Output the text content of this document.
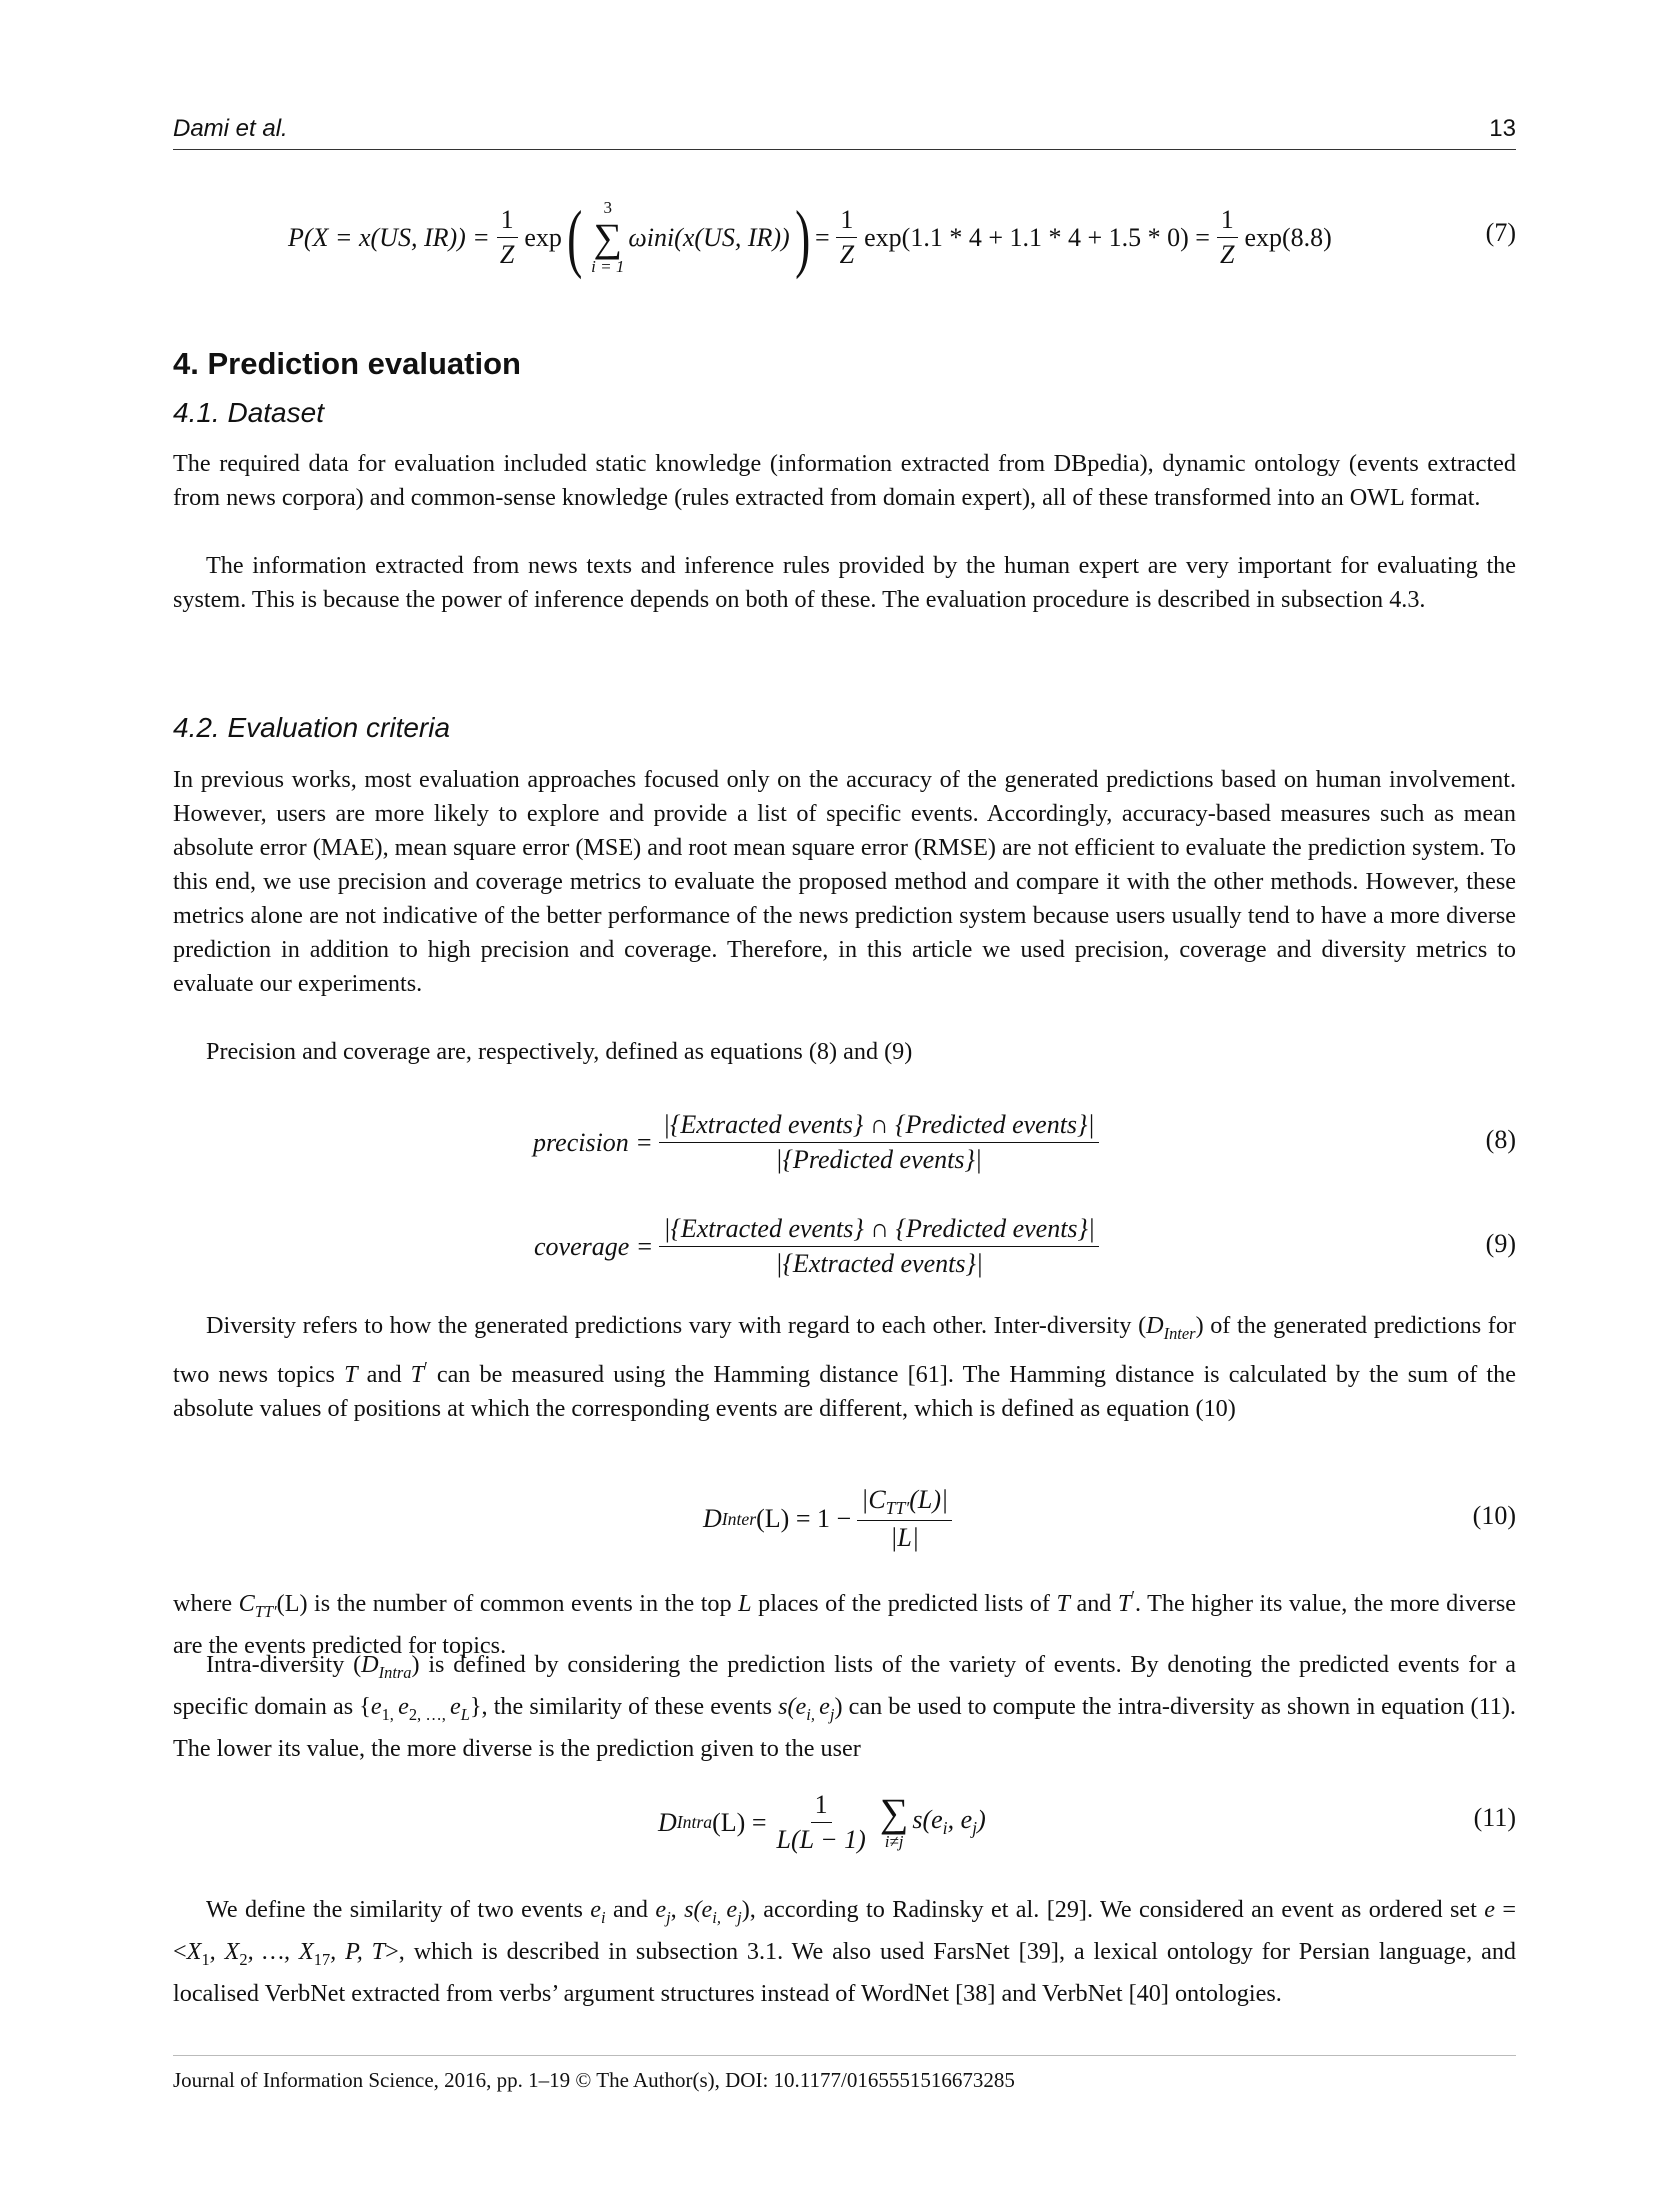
Dami et al.	13
P(X = x(US, $IR)) = \frac{1}{Z}$ exp ( 3
∑
i = 1
ωini(x(US, IR)) ) = $\frac{1}{Z} \exp(1.1 * 4 + 1.1 * 4 + 1.5 * 0) = \frac{1}{Z} \exp(8.8)$	(7)
4. Prediction evaluation
4.1. Dataset

The required data for evaluation included static knowledge (information extracted from DBpedia), dynamic ontology (events extracted from news corpora) and common-sense knowledge (rules extracted from domain expert), all of these transformed into an OWL format.

The information extracted from news texts and inference rules provided by the human expert are very important for evaluating the system. This is because the power of inference depends on both of these. The evaluation procedure is described in subsection 4.3.

4.2. Evaluation criteria

In previous works, most evaluation approaches focused only on the accuracy of the generated predictions based on human involvement. However, users are more likely to explore and provide a list of specific events. Accordingly, accuracy-based measures such as mean absolute error (MAE), mean square error (MSE) and root mean square error (RMSE) are not efficient to evaluate the prediction system. To this end, we use precision and coverage metrics to evaluate the proposed method and compare it with the other methods. However, these metrics alone are not indicative of the better performance of the news prediction system because users usually tend to have a more diverse prediction in addition to high precision and coverage. Therefore, in this article we used precision, coverage and diversity metrics to evaluate our experiments.

Precision and coverage are, respectively, defined as equations (8) and (9)

precision = $\frac{\text{|\{Extracted events\} ∩ \{Predicted events\}|}}{\text{|\{Predicted events\}|}}$	(8)
coverage = $\frac{\text{|\{Extracted events\} ∩ \{Predicted events\}|}}{\text{|\{Extracted events\}|}}$	(9)

Diversity refers to how the generated predictions vary with regard to each other. Inter-diversity $(D_{Inter})$ of the generated predictions for two news topics T and T′ can be measured using the Hamming distance [61]. The Hamming distance is calculated by the sum of the absolute values of positions at which the corresponding events are different, which is defined as equation (10)

D Inter $(L) = 1 - \frac{|C_{TT'}(L)|}{|L|}$	(10)

where $C_{TT'}(L)$ is the number of common events in the top L places of the predicted lists of T and T′. The higher its value, the more diverse are the events predicted for topics.

Intra-diversity $(D_{Intra})$ is defined by considering the prediction lists of the variety of events. By denoting the predicted events for a specific domain as {$e_{1,}$ $e_{2, \dots,}$ $e_L$}, the similarity of these events $s(e_{i,}$ $e_j$) can be used to compute the intra-diversity as shown in equation (11). The lower its value, the more diverse is the prediction given to the user

D Intra $(L) = \frac{1}{L(L - 1)}$ ∑
i≠j
$s(e_i$, $e_j$)	(11)

We define the similarity of two events $e_i$ and $e_j$, $s(e_{i,}$ $e_j$), according to Radinsky et al. [29]. We considered an event as ordered set $e = <X_1$, $X_2$, …, $X_{17}$, P, T>, which is described in subsection 3.1. We also used FarsNet [39], a lexical ontology for Persian language, and localised VerbNet extracted from verbs’ argument structures instead of WordNet [38] and VerbNet [40] ontologies.

Journal of Information Science, 2016, pp. 1–19 © The Author(s), DOI: 10.1177/0165551516673285
